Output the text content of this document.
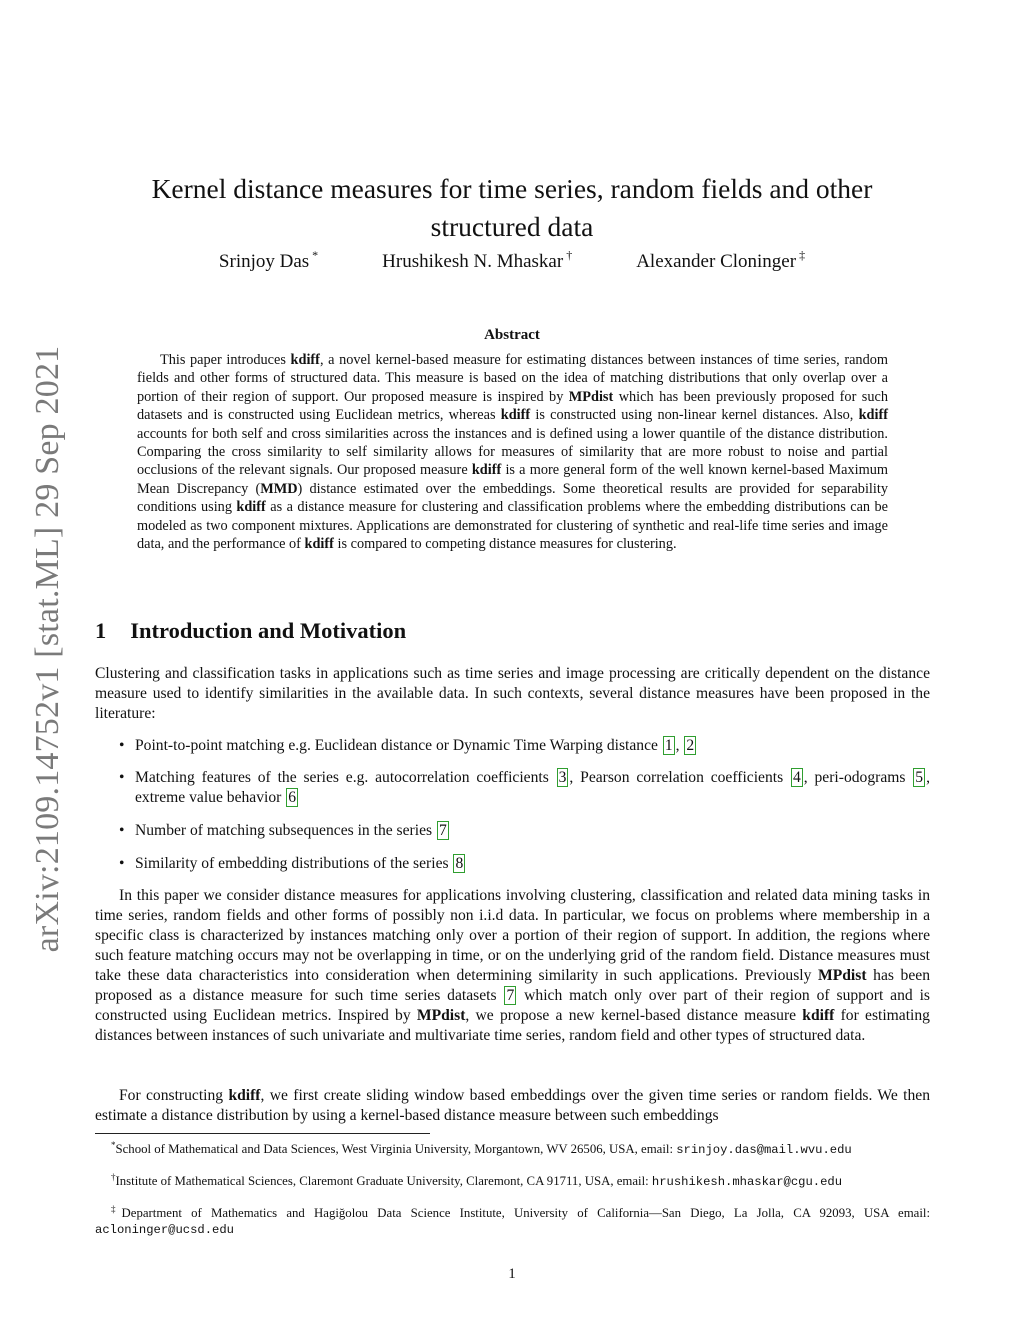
arXiv:2109.14752v1 [stat.ML] 29 Sep 2021
Kernel distance measures for time series, random fields and other
structured data
Srinjoy Das *	Hrushikesh N. Mhaskar †	Alexander Cloninger ‡
Abstract

This paper introduces kdiff, a novel kernel-based measure for estimating distances between instances of time series, random fields and other forms of structured data. This measure is based on the idea of matching distributions that only overlap over a portion of their region of support. Our proposed measure is inspired by MPdist which has been previously proposed for such datasets and is constructed using Euclidean metrics, whereas kdiff is constructed using non-linear kernel distances. Also, kdiff accounts for both self and cross similarities across the instances and is defined using a lower quantile of the distance distribution. Comparing the cross similarity to self similarity allows for measures of similarity that are more robust to noise and partial occlusions of the relevant signals. Our proposed measure kdiff is a more general form of the well known kernel-based Maximum Mean Discrepancy (MMD) distance estimated over the embeddings. Some theoretical results are provided for separability conditions using kdiff as a distance measure for clustering and classification problems where the embedding distributions can be modeled as two component mixtures. Applications are demonstrated for clustering of synthetic and real-life time series and image data, and the performance of kdiff is compared to competing distance measures for clustering.

1 Introduction and Motivation

Clustering and classification tasks in applications such as time series and image processing are critically dependent on the distance measure used to identify similarities in the available data. In such contexts, several distance measures have been proposed in the literature:

• Point-to-point matching e.g. Euclidean distance or Dynamic Time Warping distance 1 , 2
• Matching features of the series e.g. autocorrelation coefficients 3 , Pearson correlation coefficients 4 , peri-odograms 5 , extreme value behavior 6
• Number of matching subsequences in the series 7
• Similarity of embedding distributions of the series 8

In this paper we consider distance measures for applications involving clustering, classification and related data mining tasks in time series, random fields and other forms of possibly non i.i.d data. In particular, we focus on problems where membership in a specific class is characterized by instances matching only over a portion of their region of support. In addition, the regions where such feature matching occurs may not be overlapping in time, or on the underlying grid of the random field. Distance measures must take these data characteristics into consideration when determining similarity in such applications. Previously MPdist has been proposed as a distance measure for such time series datasets 7 which match only over part of their region of support and is constructed using Euclidean metrics. Inspired by MPdist, we propose a new kernel-based distance measure kdiff for estimating distances between instances of such univariate and multivariate time series, random field and other types of structured data.

For constructing kdiff, we first create sliding window based embeddings over the given time series or random fields. We then estimate a distance distribution by using a kernel-based distance measure between such embeddings

*School of Mathematical and Data Sciences, West Virginia University, Morgantown, WV 26506, USA, email: srinjoy.das@mail.wvu.edu

†Institute of Mathematical Sciences, Claremont Graduate University, Claremont, CA 91711, USA, email: hrushikesh.mhaskar@cgu.edu

‡Department of Mathematics and Hagiğolou Data Science Institute, University of California—San Diego, La Jolla, CA 92093, USA email: acloninger@ucsd.edu

1
